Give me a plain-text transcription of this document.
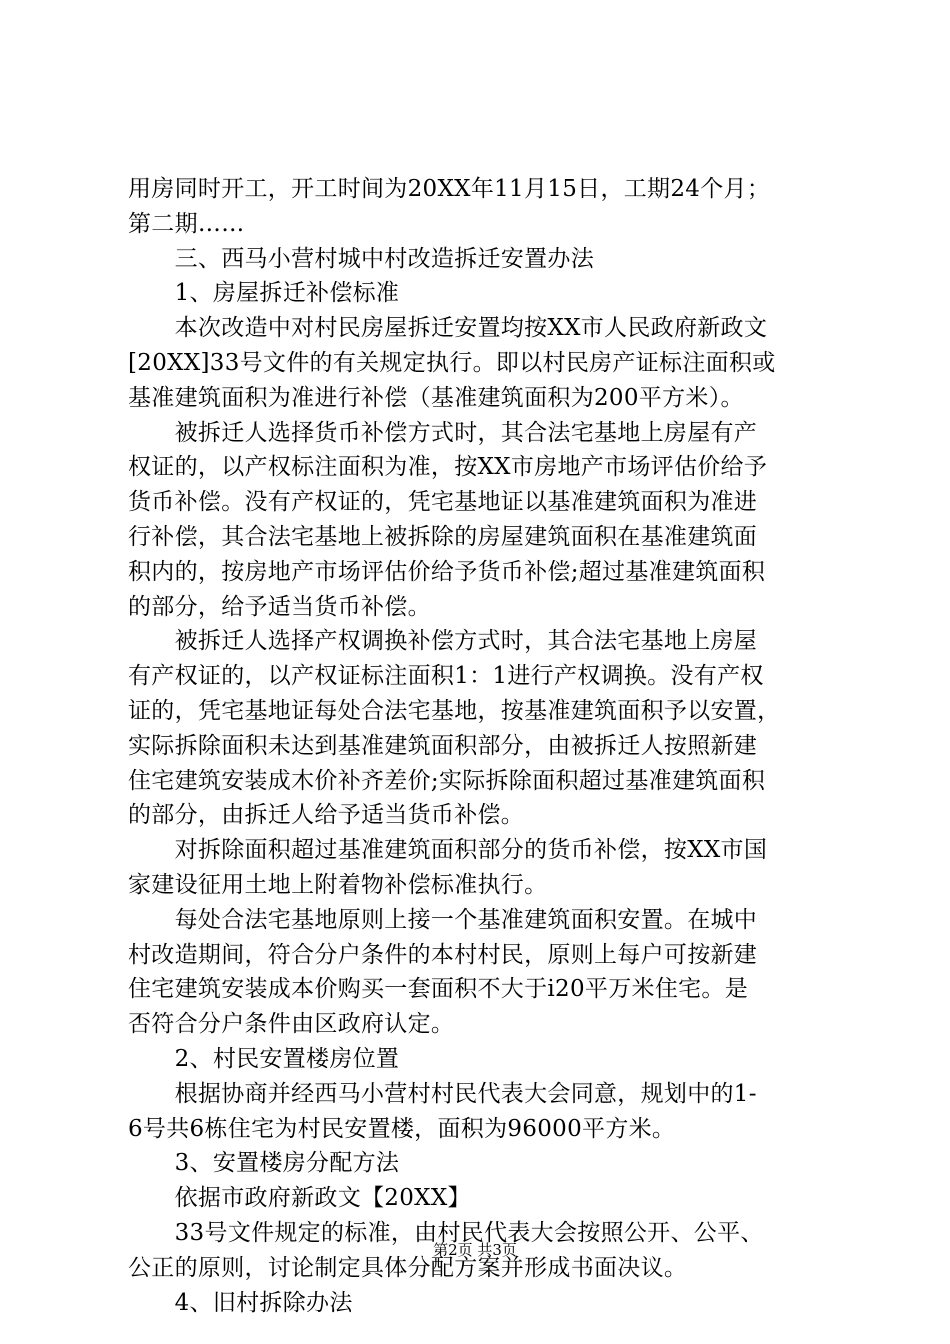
用房同时开工，开工时间为20XX年11月15日，工期24个月；
第二期……
　　三、西马小营村城中村改造拆迁安置办法
　　1、房屋拆迁补偿标准
　　本次改造中对村民房屋拆迁安置均按XX市人民政府新政文
[20XX]33号文件的有关规定执行。即以村民房产证标注面积或
基准建筑面积为准进行补偿（基准建筑面积为200平方米）。
　　被拆迁人选择货币补偿方式时，其合法宅基地上房屋有产
权证的，以产权标注面积为准，按XX市房地产市场评估价给予
货币补偿。没有产权证的，凭宅基地证以基准建筑面积为准进
行补偿，其合法宅基地上被拆除的房屋建筑面积在基准建筑面
积内的，按房地产市场评估价给予货币补偿;超过基准建筑面积
的部分，给予适当货币补偿。
　　被拆迁人选择产权调换补偿方式时，其合法宅基地上房屋
有产权证的，以产权证标注面积1：1进行产权调换。没有产权
证的，凭宅基地证每处合法宅基地，按基准建筑面积予以安置，
实际拆除面积未达到基准建筑面积部分，由被拆迁人按照新建
住宅建筑安装成木价补齐差价;实际拆除面积超过基准建筑面积
的部分，由拆迁人给予适当货币补偿。
　　对拆除面积超过基准建筑面积部分的货币补偿，按XX市国
家建设征用土地上附着物补偿标准执行。
　　每处合法宅基地原则上接一个基准建筑面积安置。在城中
村改造期间，符合分户条件的本村村民，原则上每户可按新建
住宅建筑安装成本价购买一套面积不大于i20平万米住宅。是
否符合分户条件由区政府认定。
　　2、村民安置楼房位置
　　根据协商并经西马小营村村民代表大会同意，规划中的1-
6号共6栋住宅为村民安置楼，面积为96000平方米。
　　3、安置楼房分配方法
　　依据市政府新政文【20XX】
　　33号文件规定的标准，由村民代表大会按照公开、公平、
公正的原则，讨论制定具体分配方案并形成书面决议。
　　4、旧村拆除办法
第2页 共3页
